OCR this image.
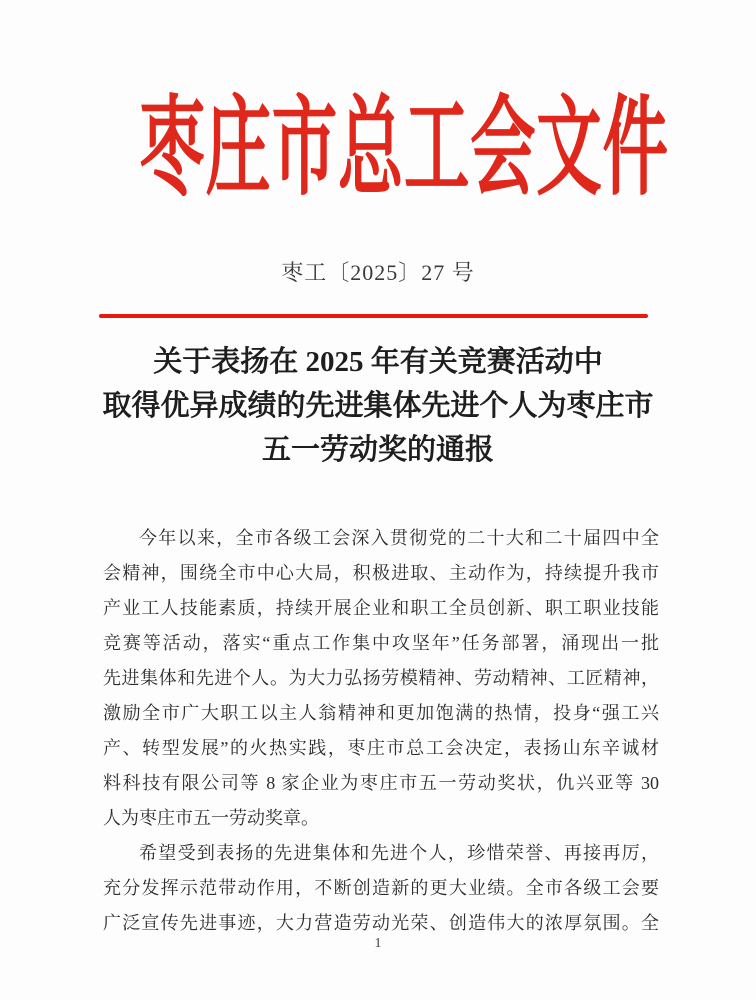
枣庄市总工会文件
枣工〔2025〕27 号
关于表扬在 2025 年有关竞赛活动中
取得优异成绩的先进集体先进个人为枣庄市
五一劳动奖的通报
今年以来，全市各级工会深入贯彻党的二十大和二十届四中全
会精神，围绕全市中心大局，积极进取、主动作为，持续提升我市
产业工人技能素质，持续开展企业和职工全员创新、职工职业技能
竞赛等活动，落实“重点工作集中攻坚年”任务部署，涌现出一批
先进集体和先进个人。为大力弘扬劳模精神、劳动精神、工匠精神，
激励全市广大职工以主人翁精神和更加饱满的热情，投身“强工兴
产、转型发展”的火热实践，枣庄市总工会决定，表扬山东辛诚材
料科技有限公司等 8 家企业为枣庄市五一劳动奖状，仇兴亚等 30
人为枣庄市五一劳动奖章。
希望受到表扬的先进集体和先进个人，珍惜荣誉、再接再厉，
充分发挥示范带动作用，不断创造新的更大业绩。全市各级工会要
广泛宣传先进事迹，大力营造劳动光荣、创造伟大的浓厚氛围。全
1
